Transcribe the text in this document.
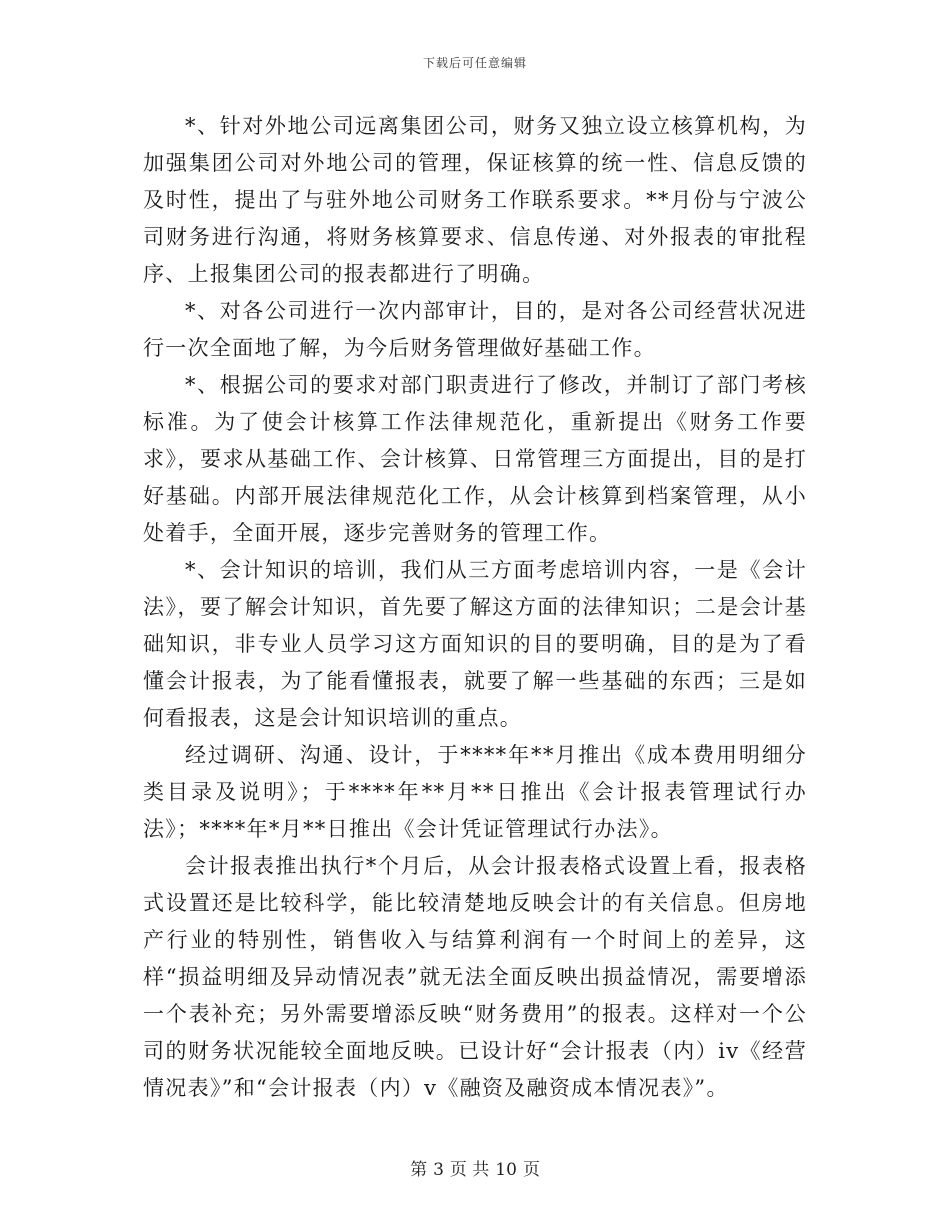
下载后可任意编辑

*、针对外地公司远离集团公司，财务又独立设立核算机构，为加强集团公司对外地公司的管理，保证核算的统一性、信息反馈的及时性，提出了与驻外地公司财务工作联系要求。**月份与宁波公司财务进行沟通，将财务核算要求、信息传递、对外报表的审批程序、上报集团公司的报表都进行了明确。

*、对各公司进行一次内部审计，目的，是对各公司经营状况进行一次全面地了解，为今后财务管理做好基础工作。

*、根据公司的要求对部门职责进行了修改，并制订了部门考核标准。为了使会计核算工作法律规范化，重新提出《财务工作要求》，要求从基础工作、会计核算、日常管理三方面提出，目的是打好基础。内部开展法律规范化工作，从会计核算到档案管理，从小处着手，全面开展，逐步完善财务的管理工作。

*、会计知识的培训，我们从三方面考虑培训内容，一是《会计法》，要了解会计知识，首先要了解这方面的法律知识；二是会计基础知识，非专业人员学习这方面知识的目的要明确，目的是为了看懂会计报表，为了能看懂报表，就要了解一些基础的东西；三是如何看报表，这是会计知识培训的重点。

经过调研、沟通、设计，于****年**月推出《成本费用明细分类目录及说明》；于****年**月**日推出《会计报表管理试行办法》；****年*月**日推出《会计凭证管理试行办法》。

会计报表推出执行*个月后，从会计报表格式设置上看，报表格式设置还是比较科学，能比较清楚地反映会计的有关信息。但房地产行业的特别性，销售收入与结算利润有一个时间上的差异，这样“损益明细及异动情况表”就无法全面反映出损益情况，需要增添一个表补充；另外需要增添反映“财务费用”的报表。这样对一个公司的财务状况能较全面地反映。已设计好“会计报表（内）iv《经营情况表》”和“会计报表（内）v《融资及融资成本情况表》”。

第 3 页 共 10 页
